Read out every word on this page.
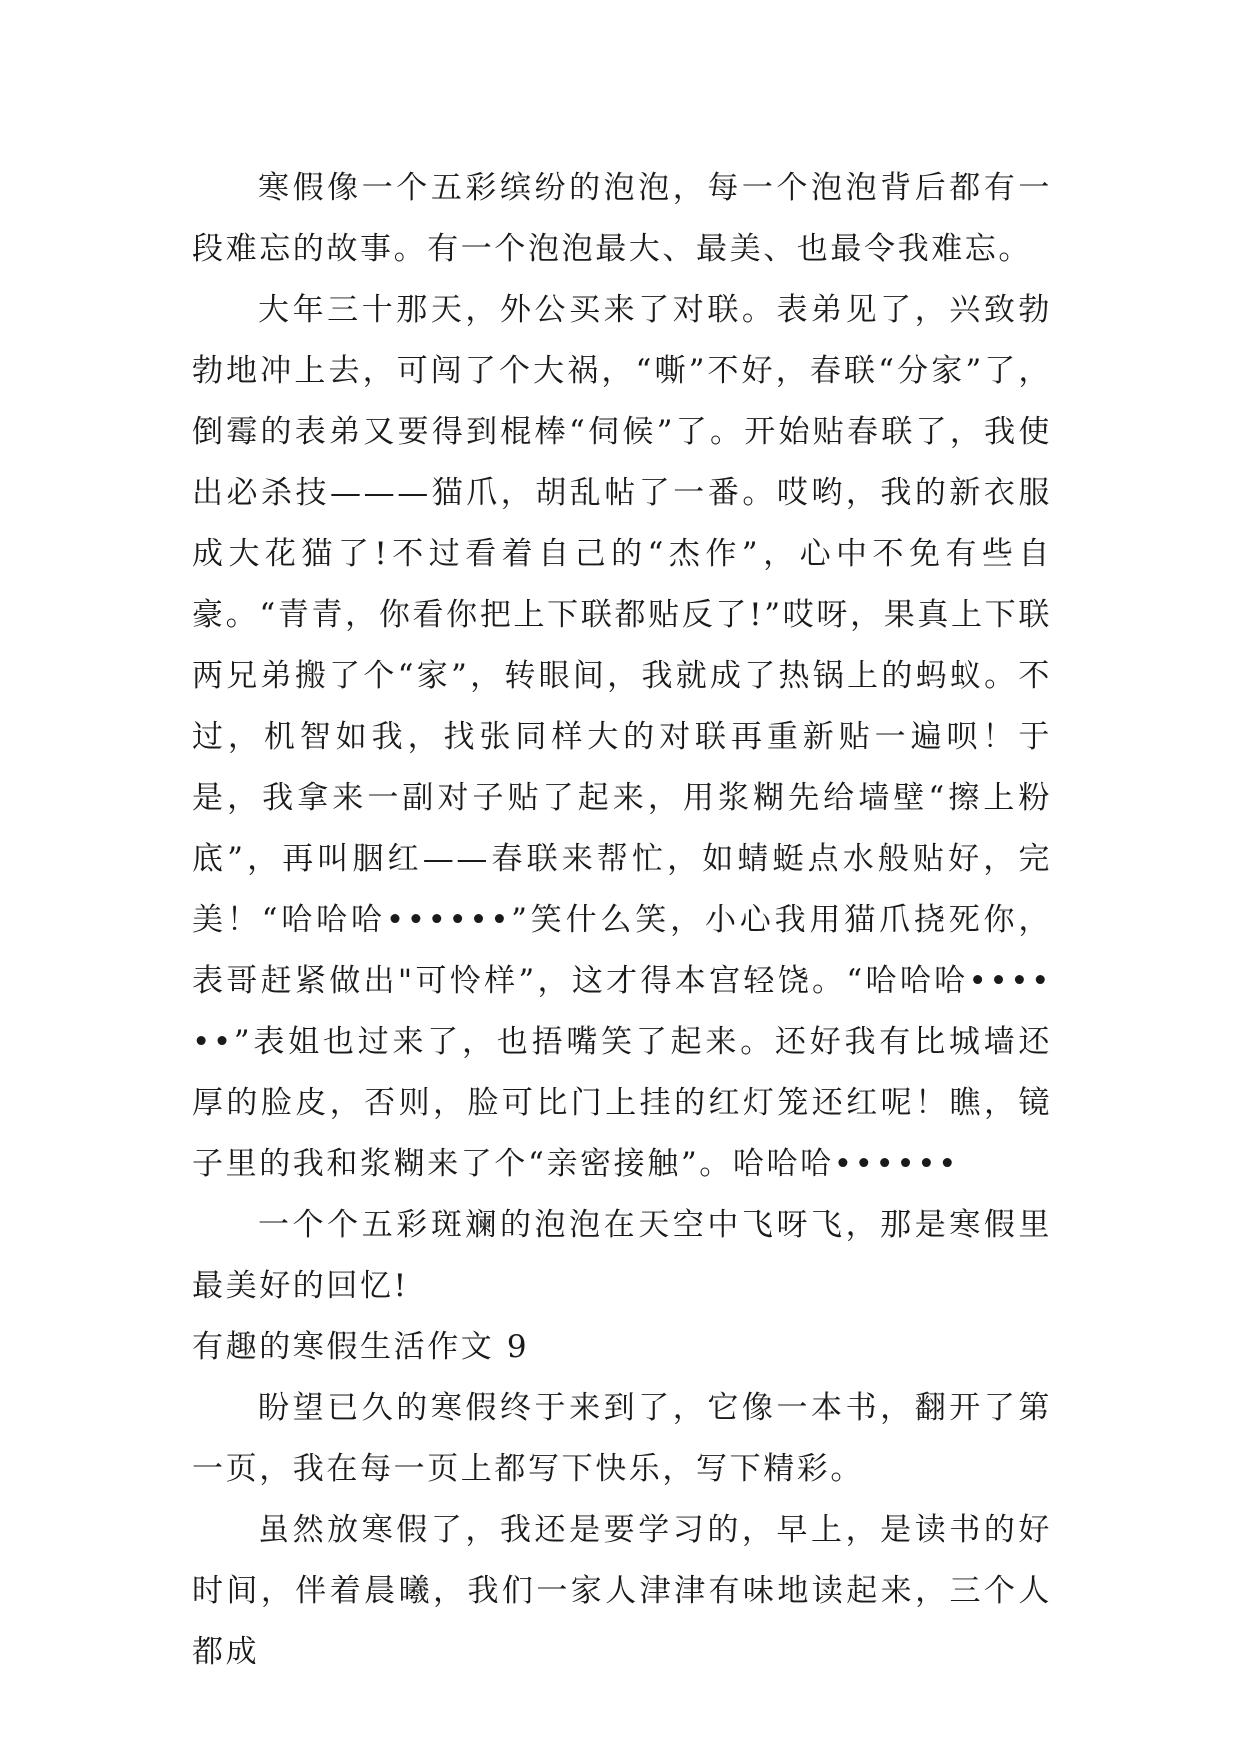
寒假像一个五彩缤纷的泡泡，每一个泡泡背后都有一段难忘的故事。有一个泡泡最大、最美、也最令我难忘。

大年三十那天，外公买来了对联。表弟见了，兴致勃勃地冲上去，可闯了个大祸，“嘶”不好，春联“分家”了，倒霉的表弟又要得到棍棒“伺候”了。开始贴春联了，我使出必杀技———猫爪，胡乱帖了一番。哎哟，我的新衣服成大花猫了!不过看着自己的“杰作”，心中不免有些自豪。“青青，你看你把上下联都贴反了!”哎呀，果真上下联两兄弟搬了个“家”，转眼间，我就成了热锅上的蚂蚁。不过，机智如我，找张同样大的对联再重新贴一遍呗！于是，我拿来一副对子贴了起来，用浆糊先给墙壁“擦上粉底”，再叫胭红——春联来帮忙，如蜻蜓点水般贴好，完美！“哈哈哈••••••”笑什么笑，小心我用猫爪挠死你，表哥赶紧做出"可怜样”，这才得本宫轻饶。“哈哈哈••••••”表姐也过来了，也捂嘴笑了起来。还好我有比城墙还厚的脸皮，否则，脸可比门上挂的红灯笼还红呢！瞧，镜子里的我和浆糊来了个“亲密接触”。哈哈哈••••••

一个个五彩斑斓的泡泡在天空中飞呀飞，那是寒假里最美好的回忆!

有趣的寒假生活作文 9

盼望已久的寒假终于来到了，它像一本书，翻开了第一页，我在每一页上都写下快乐，写下精彩。

虽然放寒假了，我还是要学习的，早上，是读书的好时间，伴着晨曦，我们一家人津津有味地读起来，三个人都成
